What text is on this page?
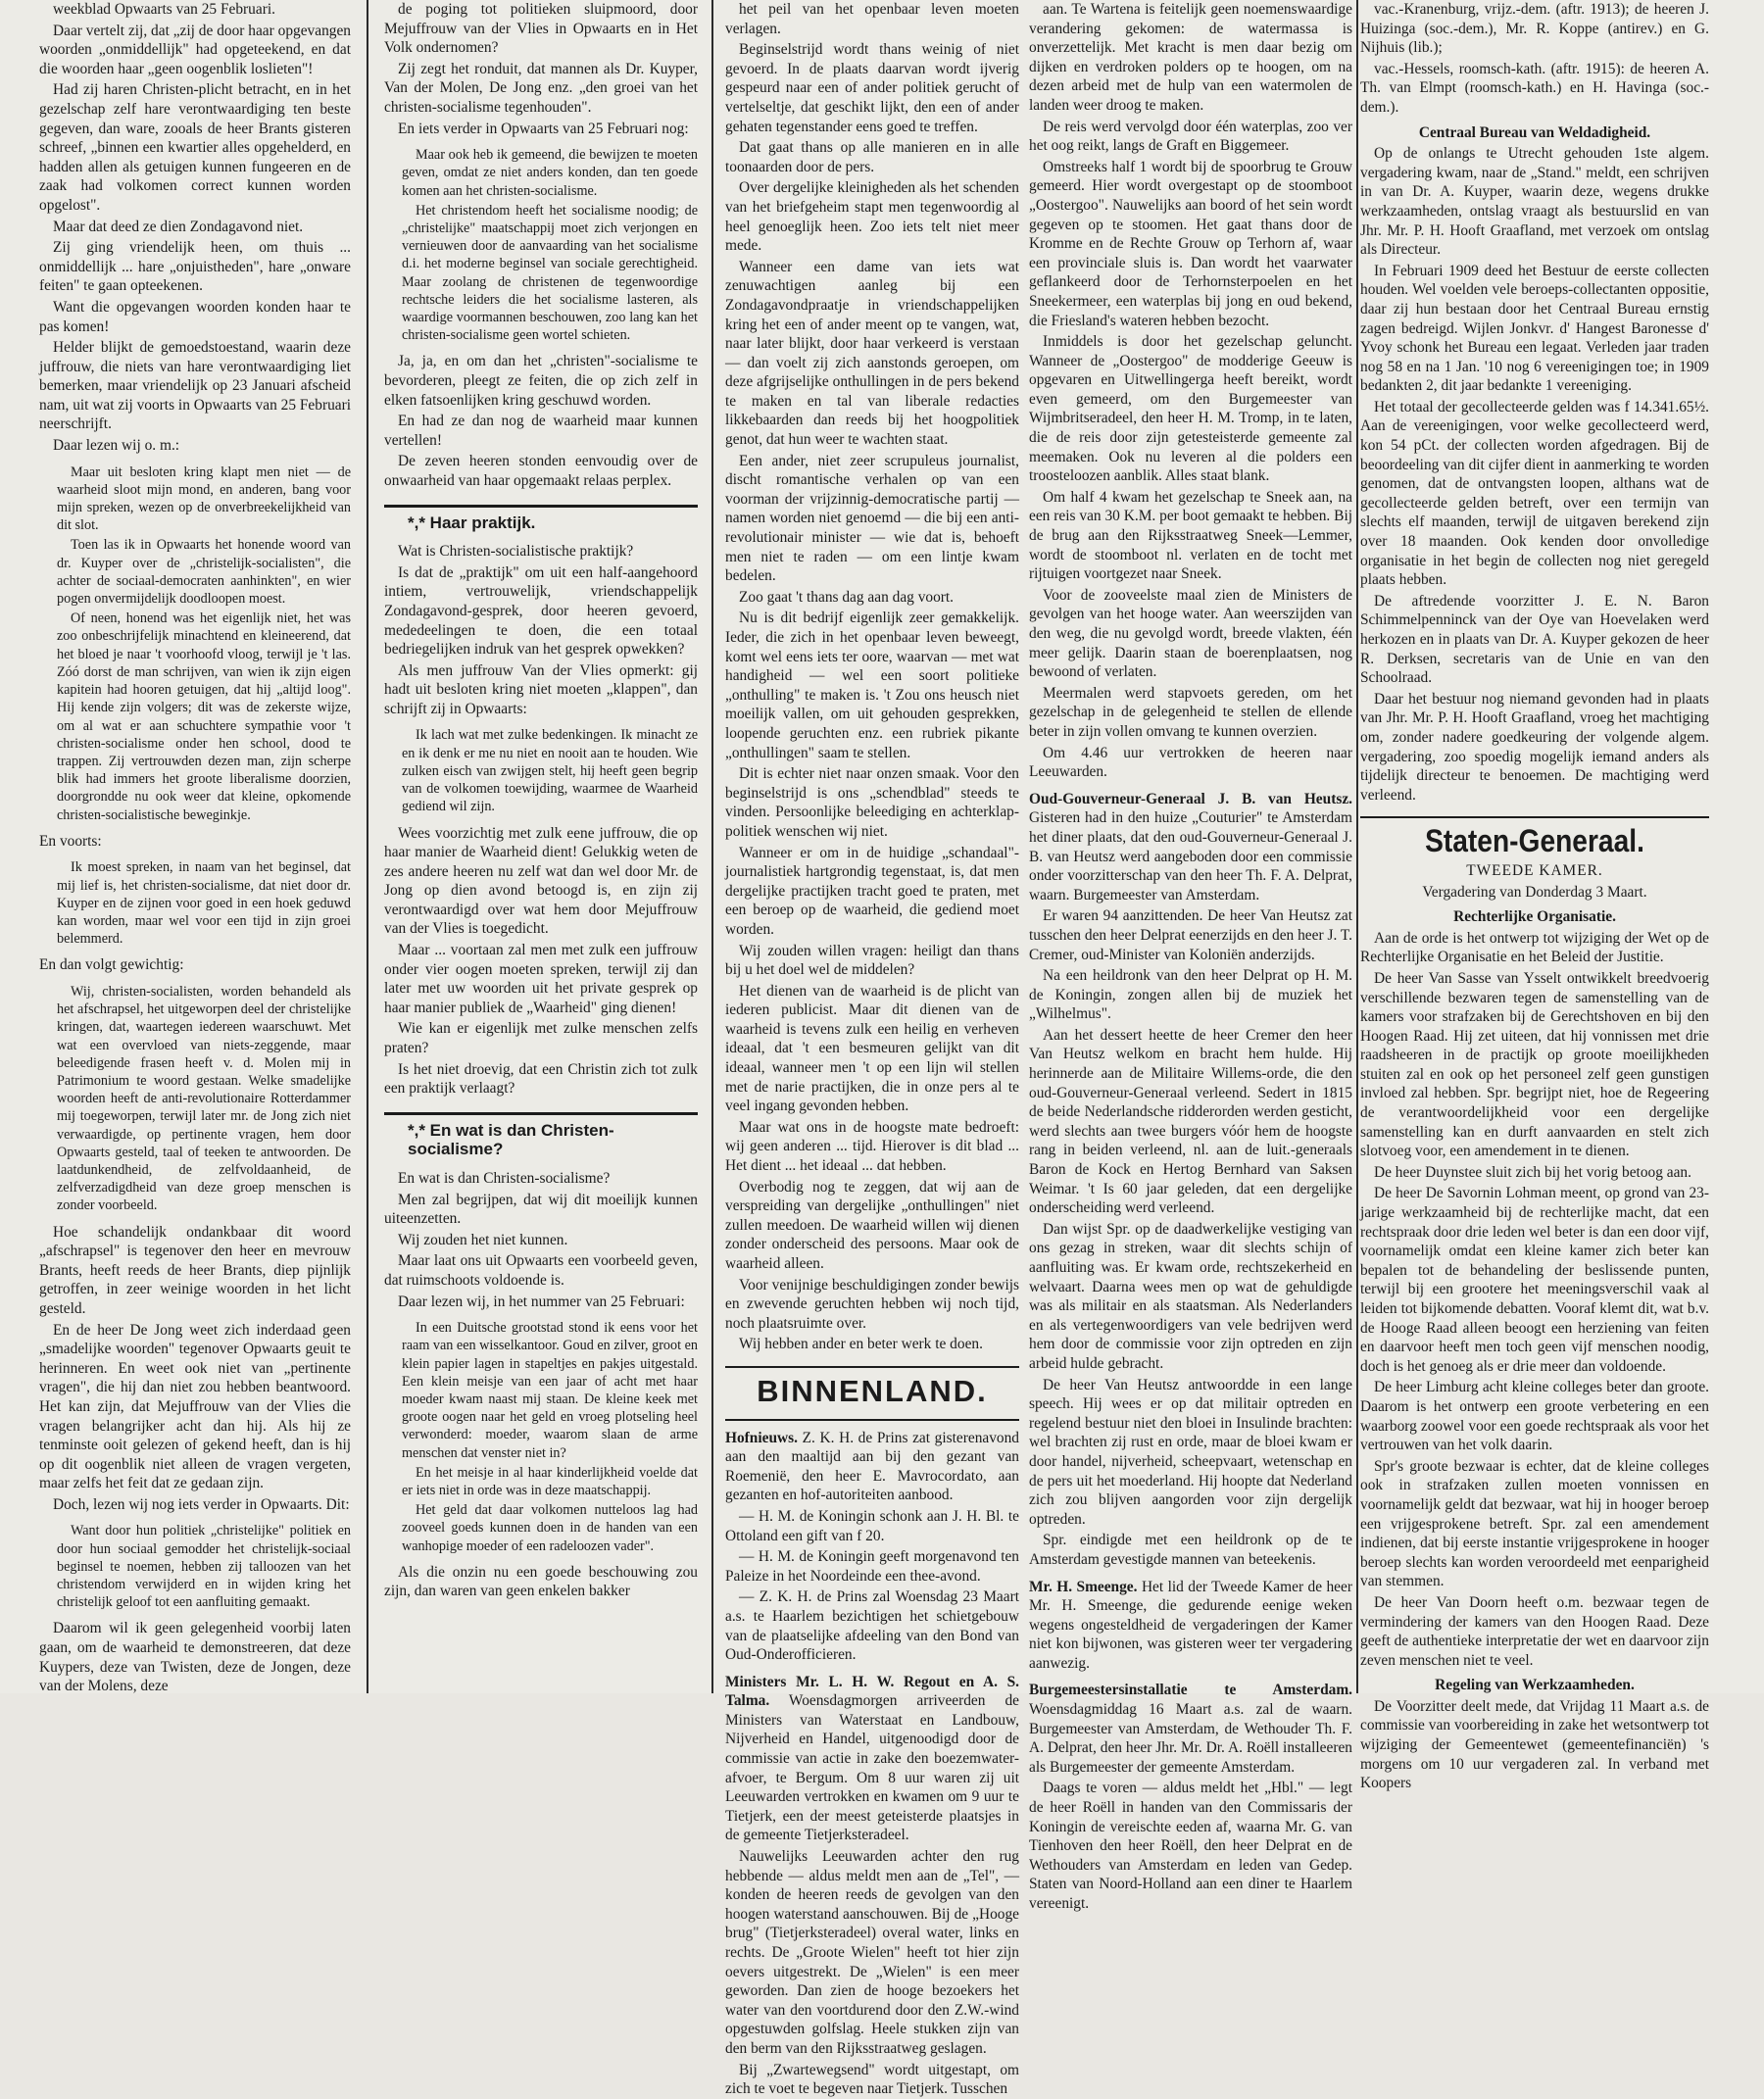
weekblad Opwaarts van 25 Februari.

Daar vertelt zij, dat „zij de door haar opgevangen woorden „onmiddellijk" had opgeteekend, en dat die woorden haar „geen oogenblik loslieten"!

Had zij haren Christen-plicht betracht, en in het gezelschap zelf hare verontwaardiging ten beste gegeven, dan ware, zooals de heer Brants gisteren schreef, „binnen een kwartier alles opgehelderd, en hadden allen als getuigen kunnen fungeeren en de zaak had volkomen correct kunnen worden opgelost".

Maar dat deed ze dien Zondagavond niet.

Zij ging vriendelijk heen, om thuis ... onmiddellijk ... hare „onjuistheden", hare „onware feiten" te gaan opteekenen.

Want die opgevangen woorden konden haar te pas komen!

Helder blijkt de gemoedstoestand, waarin deze juffrouw, die niets van hare verontwaardiging liet bemerken, maar vriendelijk op 23 Januari afscheid nam, uit wat zij voorts in Opwaarts van 25 Februari neerschrijft.

Daar lezen wij o. m.:

Maar uit besloten kring klapt men niet — de waarheid sloot mijn mond, en anderen, bang voor mijn spreken, wezen op de onverbreekelijkheid van dit slot.

Toen las ik in Opwaarts het honende woord van dr. Kuyper over de „christelijk-socialisten", die achter de sociaal-democraten aanhinkten", en wier pogen onvermijdelijk doodloopen moest.

Of neen, honend was het eigenlijk niet, het was zoo onbeschrijfelijk minachtend en kleineerend, dat het bloed je naar 't voorhoofd vloog, terwijl je 't las. Zóó dorst de man schrijven, van wien ik zijn eigen kapitein had hooren getuigen, dat hij „altijd loog". Hij kende zijn volgers; dit was de zekerste wijze, om al wat er aan schuchtere sympathie voor 't christen-socialisme onder hen school, dood te trappen. Zij vertrouwden dezen man, zijn scherpe blik had immers het groote liberalisme doorzien, doorgrondde nu ook weer dat kleine, opkomende christen-socialistische beweginkje.

En voorts:

Ik moest spreken, in naam van het beginsel, dat mij lief is, het christen-socialisme, dat niet door dr. Kuyper en de zijnen voor goed in een hoek geduwd kan worden, maar wel voor een tijd in zijn groei belemmerd.

En dan volgt gewichtig:

Wij, christen-socialisten, worden behandeld als het afschrapsel, het uitgeworpen deel der christelijke kringen, dat, waartegen iedereen waarschuwt. Met wat een overvloed van niets-zeggende, maar beleedigende frasen heeft v. d. Molen mij in Patrimonium te woord gestaan. Welke smadelijke woorden heeft de anti-revolutionaire Rotterdammer mij toegeworpen, terwijl later mr. de Jong zich niet verwaardigde, op pertinente vragen, hem door Opwaarts gesteld, taal of teeken te antwoorden. De laatdunkendheid, de zelfvoldaanheid, de zelfverzadigdheid van deze groep menschen is zonder voorbeeld.

Hoe schandelijk ondankbaar dit woord „afschrapsel" is tegenover den heer en mevrouw Brants, heeft reeds de heer Brants, diep pijnlijk getroffen, in zeer weinige woorden in het licht gesteld.

En de heer De Jong weet zich inderdaad geen „smadelijke woorden" tegenover Opwaarts geuit te herinneren. En weet ook niet van „pertinente vragen", die hij dan niet zou hebben beantwoord. Het kan zijn, dat Mejuffrouw van der Vlies die vragen belangrijker acht dan hij. Als hij ze tenminste ooit gelezen of gekend heeft, dan is hij op dit oogenblik niet alleen de vragen vergeten, maar zelfs het feit dat ze gedaan zijn.

Doch, lezen wij nog iets verder in Opwaarts. Dit:

Want door hun politiek „christelijke" politiek en door hun sociaal gemodder het christelijk-sociaal beginsel te noemen, hebben zij talloozen van het christendom verwijderd en in wijden kring het christelijk geloof tot een aanfluiting gemaakt.

Daarom wil ik geen gelegenheid voorbij laten gaan, om de waarheid te demonstreeren, dat deze Kuypers, deze van Twisten, deze de Jongen, deze van der Molens, deze

de poging tot politieken sluipmoord, door Mejuffrouw van der Vlies in Opwaarts en in Het Volk ondernomen?

Zij zegt het ronduit, dat mannen als Dr. Kuyper, Van der Molen, De Jong enz. „den groei van het christen-socialisme tegenhouden".

En iets verder in Opwaarts van 25 Februari nog:

Maar ook heb ik gemeend, die bewijzen te moeten geven, omdat ze niet anders konden, dan ten goede komen aan het christen-socialisme.

Het christendom heeft het socialisme noodig; de „christelijke" maatschappij moet zich verjongen en vernieuwen door de aanvaarding van het socialisme d.i. het moderne beginsel van sociale gerechtigheid. Maar zoolang de christenen de tegenwoordige rechtsche leiders die het socialisme lasteren, als waardige voormannen beschouwen, zoo lang kan het christen-socialisme geen wortel schieten.

Ja, ja, en om dan het „christen"-socialisme te bevorderen, pleegt ze feiten, die op zich zelf in elken fatsoenlijken kring geschuwd worden.

En had ze dan nog de waarheid maar kunnen vertellen!

De zeven heeren stonden eenvoudig over de onwaarheid van haar opgemaakt relaas perplex.

*,* Haar praktijk.

Wat is Christen-socialistische praktijk?

Is dat de „praktijk" om uit een half-aangehoord intiem, vertrouwelijk, vriendschappelijk Zondagavond-gesprek, door heeren gevoerd, mededeelingen te doen, die een totaal bedriegelijken indruk van het gesprek opwekken?

Als men juffrouw Van der Vlies opmerkt: gij hadt uit besloten kring niet moeten „klappen", dan schrijft zij in Opwaarts:

Ik lach wat met zulke bedenkingen. Ik minacht ze en ik denk er me nu niet en nooit aan te houden. Wie zulken eisch van zwijgen stelt, hij heeft geen begrip van de volkomen toewijding, waarmee de Waarheid gediend wil zijn.

Wees voorzichtig met zulk eene juffrouw, die op haar manier de Waarheid dient! Gelukkig weten de zes andere heeren nu zelf wat dan wel door Mr. de Jong op dien avond betoogd is, en zijn zij verontwaardigd over wat hem door Mejuffrouw van der Vlies is toegedicht.

Maar ... voortaan zal men met zulk een juffrouw onder vier oogen moeten spreken, terwijl zij dan later met uw woorden uit het private gesprek op haar manier publiek de „Waarheid" ging dienen!

Wie kan er eigenlijk met zulke menschen zelfs praten?

Is het niet droevig, dat een Christin zich tot zulk een praktijk verlaagt?

*,* En wat is dan Christen-socialisme?

En wat is dan Christen-socialisme?

Men zal begrijpen, dat wij dit moeilijk kunnen uiteenzetten.

Wij zouden het niet kunnen.

Maar laat ons uit Opwaarts een voorbeeld geven, dat ruimschoots voldoende is.

Daar lezen wij, in het nummer van 25 Februari:

In een Duitsche grootstad stond ik eens voor het raam van een wisselkantoor. Goud en zilver, groot en klein papier lagen in stapeltjes en pakjes uitgestald. Een klein meisje van een jaar of acht met haar moeder kwam naast mij staan. De kleine keek met groote oogen naar het geld en vroeg plotseling heel verwonderd: moeder, waarom slaan de arme menschen dat venster niet in?

En het meisje in al haar kinderlijkheid voelde dat er iets niet in orde was in deze maatschappij.

Het geld dat daar volkomen nutteloos lag had zooveel goeds kunnen doen in de handen van een wanhopige moeder of een radeloozen vader".

Als die onzin nu een goede beschouwing zou zijn, dan waren van geen enkelen bakker

het peil van het openbaar leven moeten verlagen.

Beginselstrijd wordt thans weinig of niet gevoerd. In de plaats daarvan wordt ijverig gespeurd naar een of ander politiek gerucht of vertelseltje, dat geschikt lijkt, den een of ander gehaten tegenstander eens goed te treffen.

Dat gaat thans op alle manieren en in alle toonaarden door de pers.

Over dergelijke kleinigheden als het schenden van het briefgeheim stapt men tegenwoordig al heel genoeglijk heen. Zoo iets telt niet meer mede.

Wanneer een dame van iets wat zenuwachtigen aanleg bij een Zondagavondpraatje in vriendschappelijken kring het een of ander meent op te vangen, wat, naar later blijkt, door haar verkeerd is verstaan — dan voelt zij zich aanstonds geroepen, om deze afgrijselijke onthullingen in de pers bekend te maken en tal van liberale redacties likkebaarden dan reeds bij het hoogpolitiek genot, dat hun weer te wachten staat.

Een ander, niet zeer scrupuleus journalist, discht romantische verhalen op van een voorman der vrijzinnig-democratische partij — namen worden niet genoemd — die bij een anti-revolutionair minister — wie dat is, behoeft men niet te raden — om een lintje kwam bedelen.

Zoo gaat 't thans dag aan dag voort.

Nu is dit bedrijf eigenlijk zeer gemakkelijk. Ieder, die zich in het openbaar leven beweegt, komt wel eens iets ter oore, waarvan — met wat handigheid — wel een soort politieke „onthulling" te maken is. 't Zou ons heusch niet moeilijk vallen, om uit gehouden gesprekken, loopende geruchten enz. een rubriek pikante „onthullingen" saam te stellen.

Dit is echter niet naar onzen smaak. Voor den beginselstrijd is ons „schendblad" steeds te vinden. Persoonlijke beleediging en achterklap-politiek wenschen wij niet.

Wanneer er om in de huidige „schandaal"-journalistiek hartgrondig tegenstaat, is, dat men dergelijke practijken tracht goed te praten, met een beroep op de waarheid, die gediend moet worden.

Wij zouden willen vragen: heiligt dan thans bij u het doel wel de middelen?

Het dienen van de waarheid is de plicht van iederen publicist. Maar dit dienen van de waarheid is tevens zulk een heilig en verheven ideaal, dat 't een besmeuren gelijkt van dit ideaal, wanneer men 't op een lijn wil stellen met de narie practijken, die in onze pers al te veel ingang gevonden hebben.

Maar wat ons in de hoogste mate bedroeft: wij geen anderen ... tijd. Hierover is dit blad ... Het dient ... het ideaal ... dat hebben.

Overbodig nog te zeggen, dat wij aan de verspreiding van dergelijke „onthullingen" niet zullen meedoen. De waarheid willen wij dienen zonder onderscheid des persoons. Maar ook de waarheid alleen.

Voor venijnige beschuldigingen zonder bewijs en zwevende geruchten hebben wij noch tijd, noch plaatsruimte over.

Wij hebben ander en beter werk te doen.

BINNENLAND.

Hofnieuws. Z. K. H. de Prins zat gisterenavond aan den maaltijd aan bij den gezant van Roemenië, den heer E. Mavrocordato, aan gezanten en hof-autoriteiten aanbood.

— H. M. de Koningin schonk aan J. H. Bl. te Ottoland een gift van f 20.

— H. M. de Koningin geeft morgenavond ten Paleize in het Noordeinde een thee-avond.

— Z. K. H. de Prins zal Woensdag 23 Maart a.s. te Haarlem bezichtigen het schietgebouw van de plaatselijke afdeeling van den Bond van Oud-Onderofficieren.

Ministers Mr. L. H. W. Regout en A. S. Talma. Woensdagmorgen arriveerden de Ministers van Waterstaat en Landbouw, Nijverheid en Handel, uitgenoodigd door de commissie van actie in zake den boezemwater-afvoer, te Bergum. Om 8 uur waren zij uit Leeuwarden vertrokken en kwamen om 9 uur te Tietjerk, een der meest geteisterde plaatsjes in de gemeente Tietjerksteradeel.

Nauwelijks Leeuwarden achter den rug hebbende — aldus meldt men aan de „Tel", — konden de heeren reeds de gevolgen van den hoogen waterstand aanschouwen. Bij de „Hooge brug" (Tietjerksteradeel) overal water, links en rechts. De „Groote Wielen" heeft tot hier zijn oevers uitgestrekt. De „Wielen" is een meer geworden. Dan zien de hooge bezoekers het water van den voortdurend door den Z.W.-wind opgestuwden golfslag. Heele stukken zijn van den berm van den Rijksstraatweg geslagen.

Bij „Zwartewegsend" wordt uitgestapt, om zich te voet te begeven naar Tietjerk. Tusschen

aan. Te Wartena is feitelijk geen noemenswaardige verandering gekomen: de watermassa is onverzettelijk. Met kracht is men daar bezig om dijken en verdroken polders op te hoogen, om na dezen arbeid met de hulp van een watermolen de landen weer droog te maken.

De reis werd vervolgd door één waterplas, zoo ver het oog reikt, langs de Graft en Biggemeer.

Omstreeks half 1 wordt bij de spoorbrug te Grouw gemeerd. Hier wordt overgestapt op de stoomboot „Oostergoo". Nauwelijks aan boord of het sein wordt gegeven op te stoomen. Het gaat thans door de Kromme en de Rechte Grouw op Terhorn af, waar een provinciale sluis is. Dan wordt het vaarwater geflankeerd door de Terhornsterpoelen en het Sneekermeer, een waterplas bij jong en oud bekend, die Friesland's wateren hebben bezocht.

Inmiddels is door het gezelschap geluncht. Wanneer de „Oostergoo" de modderige Geeuw is opgevaren en Uitwellingerga heeft bereikt, wordt even gemeerd, om den Burgemeester van Wijmbritseradeel, den heer H. M. Tromp, in te laten, die de reis door zijn getesteisterde gemeente zal meemaken. Ook nu leveren al die polders een troosteloozen aanblik. Alles staat blank.

Om half 4 kwam het gezelschap te Sneek aan, na een reis van 30 K.M. per boot gemaakt te hebben. Bij de brug aan den Rijksstraatweg Sneek—Lemmer, wordt de stoomboot nl. verlaten en de tocht met rijtuigen voortgezet naar Sneek.

Voor de zooveelste maal zien de Ministers de gevolgen van het hooge water. Aan weerszijden van den weg, die nu gevolgd wordt, breede vlakten, één meer gelijk. Daarin staan de boerenplaatsen, nog bewoond of verlaten.

Meermalen werd stapvoets gereden, om het gezelschap in de gelegenheid te stellen de ellende beter in zijn vollen omvang te kunnen overzien.

Om 4.46 uur vertrokken de heeren naar Leeuwarden.

Oud-Gouverneur-Generaal J. B. van Heutsz. Gisteren had in den huize „Couturier" te Amsterdam het diner plaats, dat den oud-Gouverneur-Generaal J. B. van Heutsz werd aangeboden door een commissie onder voorzitterschap van den heer Th. F. A. Delprat, waarn. Burgemeester van Amsterdam.

Er waren 94 aanzittenden. De heer Van Heutsz zat tusschen den heer Delprat eenerzijds en den heer J. T. Cremer, oud-Minister van Koloniën anderzijds.

Na een heildronk van den heer Delprat op H. M. de Koningin, zongen allen bij de muziek het „Wilhelmus".

Aan het dessert heette de heer Cremer den heer Van Heutsz welkom en bracht hem hulde. Hij herinnerde aan de Militaire Willems-orde, die den oud-Gouverneur-Generaal verleend. Sedert in 1815 de beide Nederlandsche ridderorden werden gesticht, werd slechts aan twee burgers vóór hem de hoogste rang in beiden verleend, nl. aan de luit.-generaals Baron de Kock en Hertog Bernhard van Saksen Weimar. 't Is 60 jaar geleden, dat een dergelijke onderscheiding werd verleend.

Dan wijst Spr. op de daadwerkelijke vestiging van ons gezag in streken, waar dit slechts schijn of aanfluiting was. Er kwam orde, rechtszekerheid en welvaart. Daarna wees men op wat de gehuldigde was als militair en als staatsman. Als Nederlanders en als vertegenwoordigers van vele bedrijven werd hem door de commissie voor zijn optreden en zijn arbeid hulde gebracht.

De heer Van Heutsz antwoordde in een lange speech. Hij wees er op dat militair optreden en regelend bestuur niet den bloei in Insulinde brachten: wel brachten zij rust en orde, maar de bloei kwam er door handel, nijverheid, scheepvaart, wetenschap en de pers uit het moederland. Hij hoopte dat Nederland zich zou blijven aangorden voor zijn dergelijk optreden.

Spr. eindigde met een heildronk op de te Amsterdam gevestigde mannen van beteekenis.

Mr. H. Smeenge. Het lid der Tweede Kamer de heer Mr. H. Smeenge, die gedurende eenige weken wegens ongesteldheid de vergaderingen der Kamer niet kon bijwonen, was gisteren weer ter vergadering aanwezig.

Burgemeestersinstallatie te Amsterdam. Woensdagmiddag 16 Maart a.s. zal de waarn. Burgemeester van Amsterdam, de Wethouder Th. F. A. Delprat, den heer Jhr. Mr. Dr. A. Roëll installeeren als Burgemeester der gemeente Amsterdam.

Daags te voren — aldus meldt het „Hbl." — legt de heer Roëll in handen van den Commissaris der Koningin de vereischte eeden af, waarna Mr. G. van Tienhoven den heer Roëll, den heer Delprat en de Wethouders van Amsterdam en leden van Gedep. Staten van Noord-Holland aan een diner te Haarlem vereenigt.

vac.-Kranenburg, vrijz.-dem. (aftr. 1913); de heeren J. Huizinga (soc.-dem.), Mr. R. Koppe (antirev.) en G. Nijhuis (lib.);

vac.-Hessels, roomsch-kath. (aftr. 1915): de heeren A. Th. van Elmpt (roomsch-kath.) en H. Havinga (soc.-dem.).

Centraal Bureau van Weldadigheid.

Op de onlangs te Utrecht gehouden 1ste algem. vergadering kwam, naar de „Stand." meldt, een schrijven in van Dr. A. Kuyper, waarin deze, wegens drukke werkzaamheden, ontslag vraagt als bestuurslid en van Jhr. Mr. P. H. Hooft Graafland, met verzoek om ontslag als Directeur.

In Februari 1909 deed het Bestuur de eerste collecten houden. Wel voelden vele beroeps-collectanten oppositie, daar zij hun bestaan door het Centraal Bureau ernstig zagen bedreigd. Wijlen Jonkvr. d' Hangest Baronesse d' Yvoy schonk het Bureau een legaat. Verleden jaar traden nog 58 en na 1 Jan. '10 nog 6 vereenigingen toe; in 1909 bedankten 2, dit jaar bedankte 1 vereeniging.

Het totaal der gecollecteerde gelden was f 14.341.65½. Aan de vereenigingen, voor welke gecollecteerd werd, kon 54 pCt. der collecten worden afgedragen. Bij de beoordeeling van dit cijfer dient in aanmerking te worden genomen, dat de ontvangsten loopen, althans wat de gecollecteerde gelden betreft, over een termijn van slechts elf maanden, terwijl de uitgaven berekend zijn over 18 maanden. Ook kenden door onvolledige organisatie in het begin de collecten nog niet geregeld plaats hebben.

De aftredende voorzitter J. E. N. Baron Schimmelpenninck van der Oye van Hoevelaken werd herkozen en in plaats van Dr. A. Kuyper gekozen de heer R. Derksen, secretaris van de Unie en van den Schoolraad.

Daar het bestuur nog niemand gevonden had in plaats van Jhr. Mr. P. H. Hooft Graafland, vroeg het machtiging om, zonder nadere goedkeuring der volgende algem. vergadering, zoo spoedig mogelijk iemand anders als tijdelijk directeur te benoemen. De machtiging werd verleend.

Staten-Generaal.
TWEEDE KAMER.
Vergadering van Donderdag 3 Maart.
Rechterlijke Organisatie.

Aan de orde is het ontwerp tot wijziging der Wet op de Rechterlijke Organisatie en het Beleid der Justitie.

De heer Van Sasse van Ysselt ontwikkelt breedvoerig verschillende bezwaren tegen de samenstelling van de kamers voor strafzaken bij de Gerechtshoven en bij den Hoogen Raad. Hij zet uiteen, dat hij vonnissen met drie raadsheeren in de practijk op groote moeilijkheden stuiten zal en ook op het personeel zelf geen gunstigen invloed zal hebben. Spr. begrijpt niet, hoe de Regeering de verantwoordelijkheid voor een dergelijke samenstelling kan en durft aanvaarden en stelt zich slotvoeg voor, een amendement in te dienen.

De heer Duynstee sluit zich bij het vorig betoog aan.

De heer De Savornin Lohman meent, op grond van 23-jarige werkzaamheid bij de rechterlijke macht, dat een rechtspraak door drie leden wel beter is dan een door vijf, voornamelijk omdat een kleine kamer zich beter kan bepalen tot de behandeling der beslissende punten, terwijl bij een grootere het meeningsverschil vaak al leiden tot bijkomende debatten. Vooraf klemt dit, wat b.v. de Hooge Raad alleen beoogt een herziening van feiten en daarvoor heeft men toch geen vijf menschen noodig, doch is het genoeg als er drie meer dan voldoende.

De heer Limburg acht kleine colleges beter dan groote. Daarom is het ontwerp een groote verbetering en een waarborg zoowel voor een goede rechtspraak als voor het vertrouwen van het volk daarin.

Spr's groote bezwaar is echter, dat de kleine colleges ook in strafzaken zullen moeten vonnissen en voornamelijk geldt dat bezwaar, wat hij in hooger beroep een vrijgesprokene betreft. Spr. zal een amendement indienen, dat bij eerste instantie vrijgesprokene in hooger beroep slechts kan worden veroordeeld met eenparigheid van stemmen.

De heer Van Doorn heeft o.m. bezwaar tegen de vermindering der kamers van den Hoogen Raad. Deze geeft de authentieke interpretatie der wet en daarvoor zijn zeven menschen niet te veel.

Regeling van Werkzaamheden.

De Voorzitter deelt mede, dat Vrijdag 11 Maart a.s. de commissie van voorbereiding in zake het wetsontwerp tot wijziging der Gemeentewet (gemeentefinanciën) 's morgens om 10 uur vergaderen zal. In verband met Koopers
